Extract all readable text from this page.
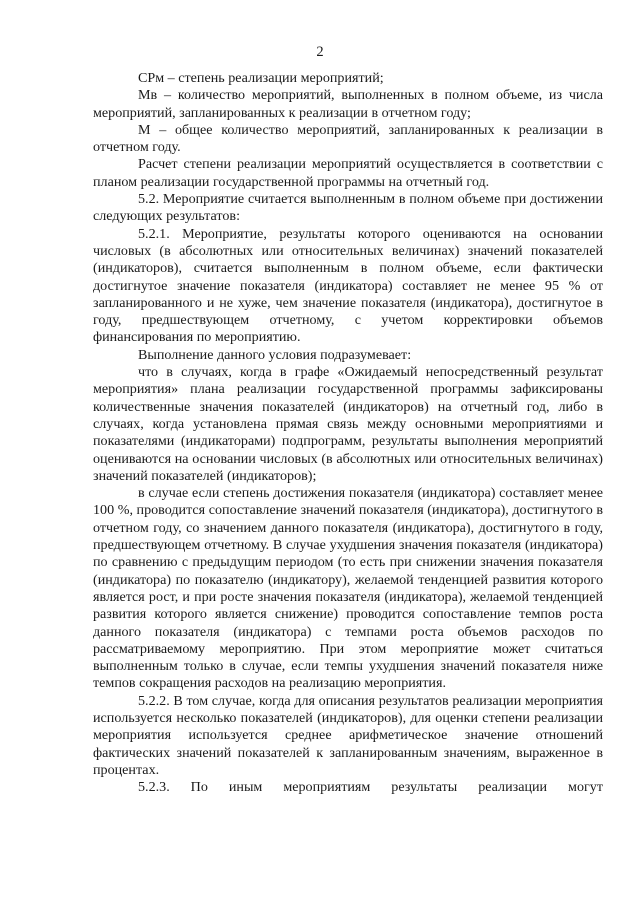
2

СРм – степень реализации мероприятий;

Мв – количество мероприятий, выполненных в полном объеме, из числа мероприятий, запланированных к реализации в отчетном году;

М – общее количество мероприятий, запланированных к реализации в отчетном году.

Расчет степени реализации мероприятий осуществляется в соответствии с планом реализации государственной программы на отчетный год.

5.2. Мероприятие считается выполненным в полном объеме при достижении следующих результатов:

5.2.1. Мероприятие, результаты которого оцениваются на основании числовых (в абсолютных или относительных величинах) значений показателей (индикаторов), считается выполненным в полном объеме, если фактически достигнутое значение показателя (индикатора) составляет не менее 95 % от запланированного и не хуже, чем значение показателя (индикатора), достигнутое в году, предшествующем отчетному, с учетом корректировки объемов финансирования по мероприятию.

Выполнение данного условия подразумевает:

что в случаях, когда в графе «Ожидаемый непосредственный результат мероприятия» плана реализации государственной программы зафиксированы количественные значения показателей (индикаторов) на отчетный год, либо в случаях, когда установлена прямая связь между основными мероприятиями и показателями (индикаторами) подпрограмм, результаты выполнения мероприятий оцениваются на основании числовых (в абсолютных или относительных величинах) значений показателей (индикаторов);

в случае если степень достижения показателя (индикатора) составляет менее 100 %, проводится сопоставление значений показателя (индикатора), достигнутого в отчетном году, со значением данного показателя (индикатора), достигнутого в году, предшествующем отчетному. В случае ухудшения значения показателя (индикатора) по сравнению с предыдущим периодом (то есть при снижении значения показателя (индикатора) по показателю (индикатору), желаемой тенденцией развития которого является рост, и при росте значения показателя (индикатора), желаемой тенденцией развития которого является снижение) проводится сопоставление темпов роста данного показателя (индикатора) с темпами роста объемов расходов по рассматриваемому мероприятию. При этом мероприятие может считаться выполненным только в случае, если темпы ухудшения значений показателя ниже темпов сокращения расходов на реализацию мероприятия.

5.2.2. В том случае, когда для описания результатов реализации мероприятия используется несколько показателей (индикаторов), для оценки степени реализации мероприятия используется среднее арифметическое значение отношений фактических значений показателей к запланированным значениям, выраженное в процентах.

5.2.3. По иным мероприятиям результаты реализации могут
